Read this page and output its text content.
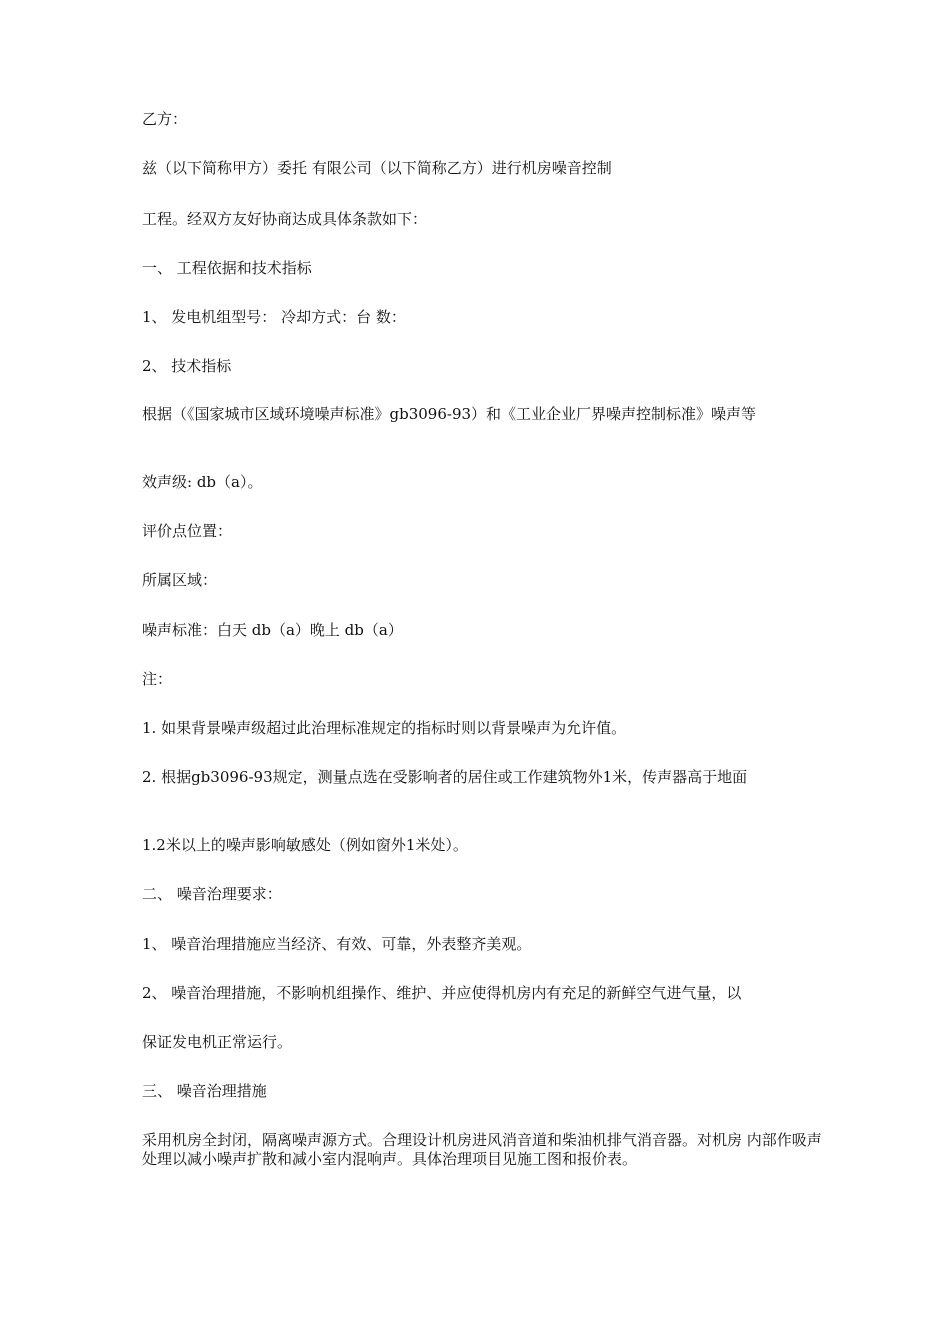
乙方：

兹（以下简称甲方）委托 有限公司（以下简称乙方）进行机房噪音控制

工程。经双方友好协商达成具体条款如下：

一、 工程依据和技术指标

1、 发电机组型号： 冷却方式：台 数：

2、 技术指标

根据（《国家城市区域环境噪声标准》gb3096-93）和《工业企业厂界噪声控制标准》噪声等

效声级: db（a）。

评价点位置：

所属区域：

噪声标准：白天 db（a）晚上 db（a）

注：

1. 如果背景噪声级超过此治理标准规定的指标时则以背景噪声为允许值。

2. 根据gb3096-93规定，测量点选在受影响者的居住或工作建筑物外1米，传声器高于地面

1.2米以上的噪声影响敏感处（例如窗外1米处）。

二、 噪音治理要求：

1、 噪音治理措施应当经济、有效、可靠，外表整齐美观。

2、 噪音治理措施，不影响机组操作、维护、并应使得机房内有充足的新鲜空气进气量，以

保证发电机正常运行。

三、 噪音治理措施

采用机房全封闭，隔离噪声源方式。合理设计机房进风消音道和柴油机排气消音器。对机房 内部作吸声处理以减小噪声扩散和减小室内混响声。具体治理项目见施工图和报价表。
